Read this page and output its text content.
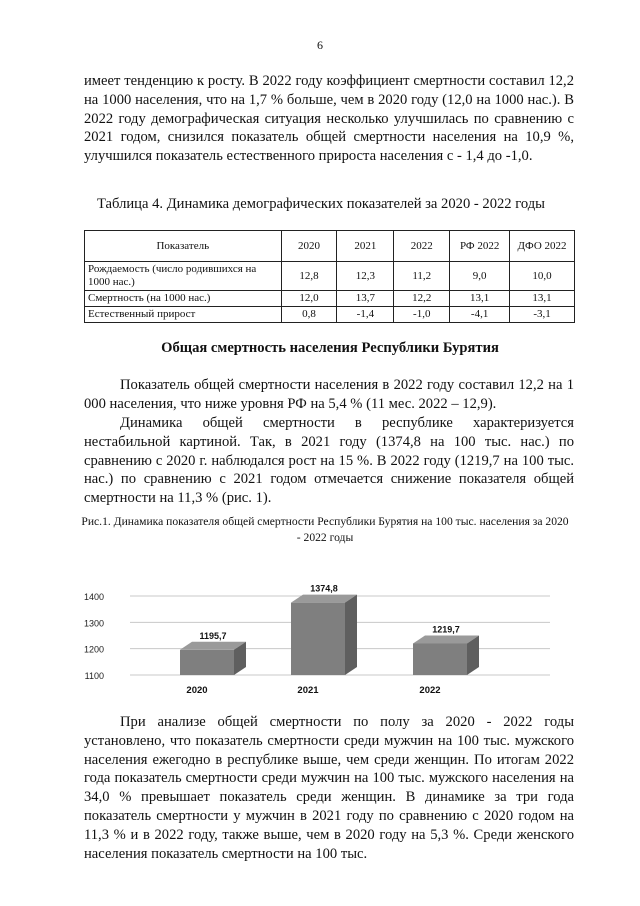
6

имеет тенденцию к росту. В 2022 году коэффициент смертности составил 12,2 на 1000 населения, что на 1,7 % больше, чем в 2020 году (12,0 на 1000 нас.). В 2022 году демографическая ситуация несколько улучшилась по сравнению с 2021 годом, снизился показатель общей смертности населения на 10,9 %, улучшился показатель естественного прироста населения с - 1,4 до -1,0.

Таблица 4. Динамика демографических показателей за 2020 - 2022 годы
Показатель	2020	2021	2022	РФ 2022	ДФО 2022
Рождаемость (число родившихся на 1000 нас.)	12,8	12,3	11,2	9,0	10,0
Смертность (на 1000 нас.)	12,0	13,7	12,2	13,1	13,1
Естественный прирост	0,8	-1,4	-1,0	-4,1	-3,1
Общая смертность населения Республики Бурятия

Показатель общей смертности населения в 2022 году составил 12,2 на 1 000 населения, что ниже уровня РФ на 5,4 % (11 мес. 2022 – 12,9).

Динамика общей смертности в республике характеризуется нестабильной картиной. Так, в 2021 году (1374,8 на 100 тыс. нас.) по сравнению с 2020 г. наблюдался рост на 15 %. В 2022 году (1219,7 на 100 тыс. нас.) по сравнению с 2021 годом отмечается снижение показателя общей смертности на 11,3 % (рис. 1).

Рис.1. Динамика показателя общей смертности Республики Бурятия на 100 тыс. населения за 2020 - 2022 годы
1100
1200
1300
1400
1195,7
1374,8
1219,7
2020	2021	2022

При анализе общей смертности по полу за 2020 - 2022 годы установлено, что показатель смертности среди мужчин на 100 тыс. мужского населения ежегодно в республике выше, чем среди женщин. По итогам 2022 года показатель смертности среди мужчин на 100 тыс. мужского населения на 34,0 % превышает показатель среди женщин. В динамике за три года показатель смертности у мужчин в 2021 году по сравнению с 2020 годом на 11,3 % и в 2022 году, также выше, чем в 2020 году на 5,3 %. Среди женского населения показатель смертности на 100 тыс.
